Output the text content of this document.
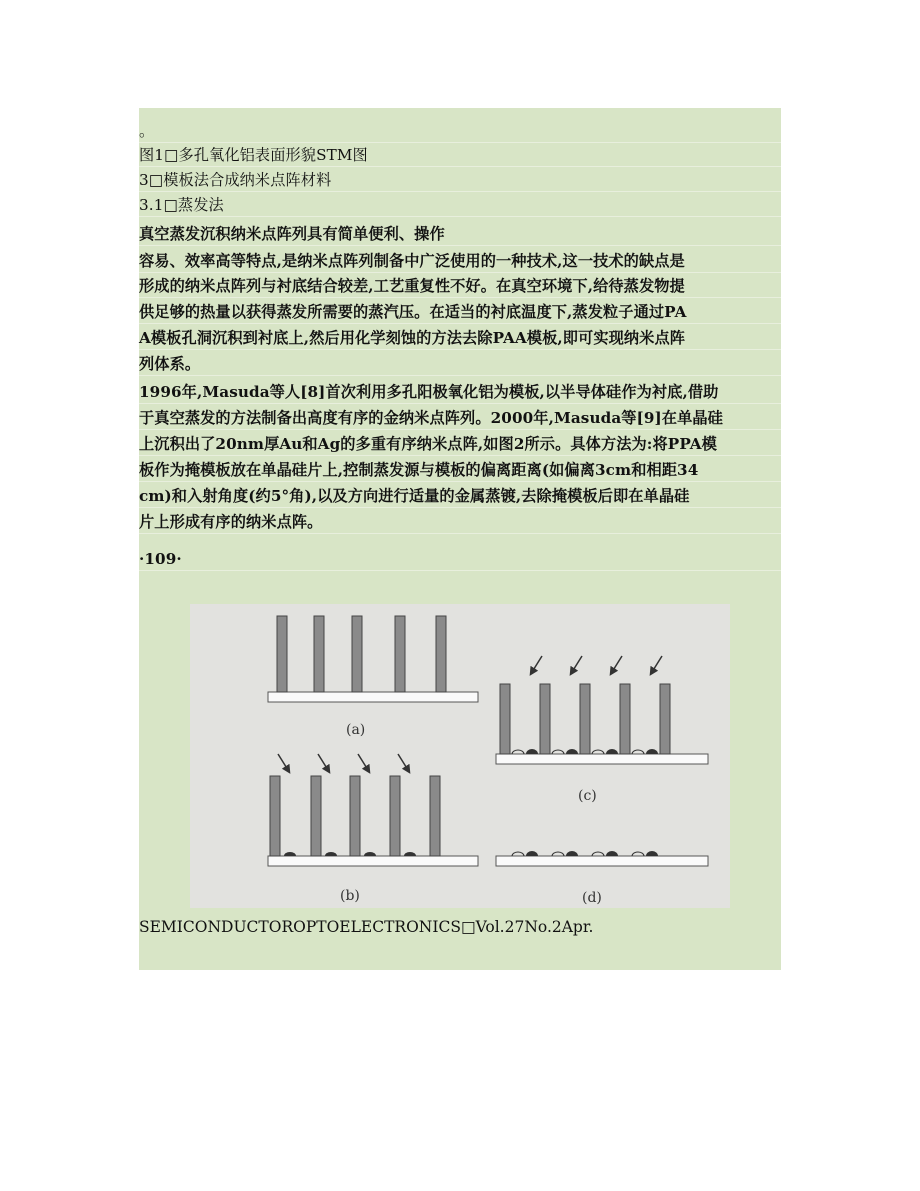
。
图1□多孔氧化铝表面形貌STM图
3□模板法合成纳米点阵材料
3.1□蒸发法
真空蒸发沉积纳米点阵列具有简单便利、操作
容易、效率高等特点,是纳米点阵列制备中广泛使用的一种技术,这一技术的缺点是
形成的纳米点阵列与衬底结合较差,工艺重复性不好。在真空环境下,给待蒸发物提
供足够的热量以获得蒸发所需要的蒸汽压。在适当的衬底温度下,蒸发粒子通过PA
A模板孔洞沉积到衬底上,然后用化学刻蚀的方法去除PAA模板,即可实现纳米点阵
列体系。
1996年,Masuda等人[8]首次利用多孔阳极氧化铝为模板,以半导体硅作为衬底,借助
于真空蒸发的方法制备出高度有序的金纳米点阵列。2000年,Masuda等[9]在单晶硅
上沉积出了20nm厚Au和Ag的多重有序纳米点阵,如图2所示。具体方法为:将PPA模
板作为掩模板放在单晶硅片上,控制蒸发源与模板的偏离距离(如偏离3cm和相距34
cm)和入射角度(约5°角),以及方向进行适量的金属蒸镀,去除掩模板后即在单晶硅
片上形成有序的纳米点阵。
·109·
(a)
(b)
(c)
(d)
SEMICONDUCTOROPTOELECTRONICS□Vol.27No.2Apr.
